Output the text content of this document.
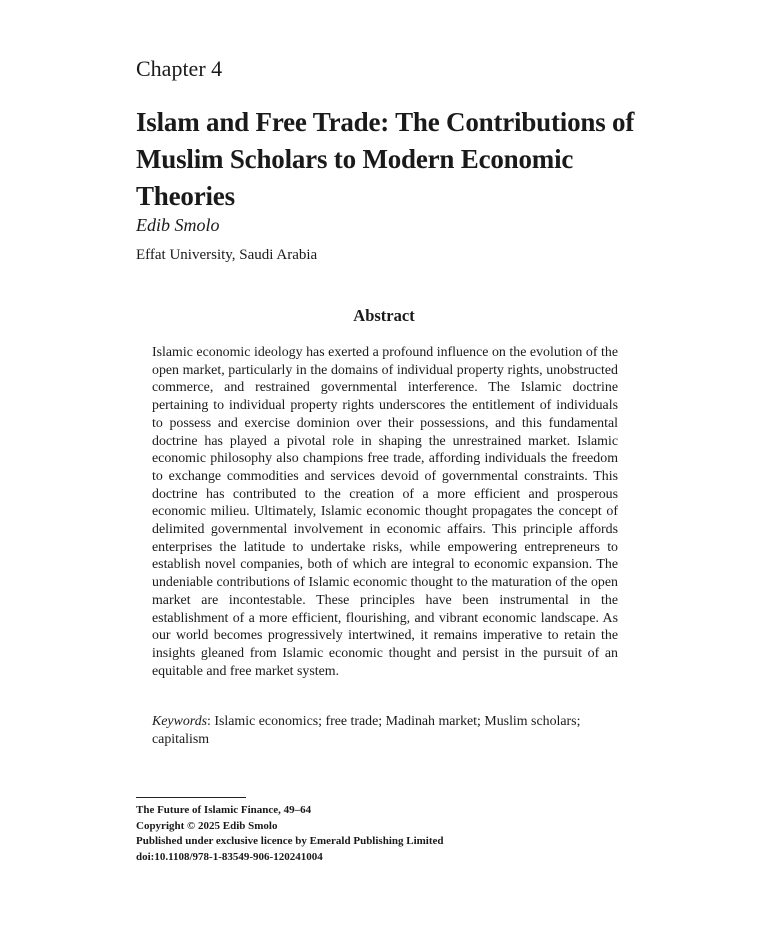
Chapter 4
Islam and Free Trade: The Contributions of Muslim Scholars to Modern Economic Theories
Edib Smolo
Effat University, Saudi Arabia
Abstract

Islamic economic ideology has exerted a profound influence on the evolution of the open market, particularly in the domains of individual property rights, unobstructed commerce, and restrained governmental interference. The Islamic doctrine pertaining to individual property rights underscores the entitlement of individuals to possess and exercise dominion over their possessions, and this fundamental doctrine has played a pivotal role in shaping the unrestrained market. Islamic economic philosophy also champions free trade, affording individuals the freedom to exchange commodities and services devoid of governmental constraints. This doctrine has contributed to the creation of a more efficient and prosperous economic milieu. Ultimately, Islamic economic thought propagates the concept of delimited governmental involvement in economic affairs. This principle affords enterprises the latitude to undertake risks, while empowering entrepreneurs to establish novel companies, both of which are integral to economic expansion. The undeniable contributions of Islamic economic thought to the maturation of the open market are incontestable. These principles have been instrumental in the establishment of a more efficient, flourishing, and vibrant economic landscape. As our world becomes progressively intertwined, it remains imperative to retain the insights gleaned from Islamic economic thought and persist in the pursuit of an equitable and free market system.

Keywords: Islamic economics; free trade; Madinah market; Muslim scholars; capitalism

The Future of Islamic Finance, 49–64
Copyright © 2025 Edib Smolo
Published under exclusive licence by Emerald Publishing Limited
doi:10.1108/978-1-83549-906-120241004
